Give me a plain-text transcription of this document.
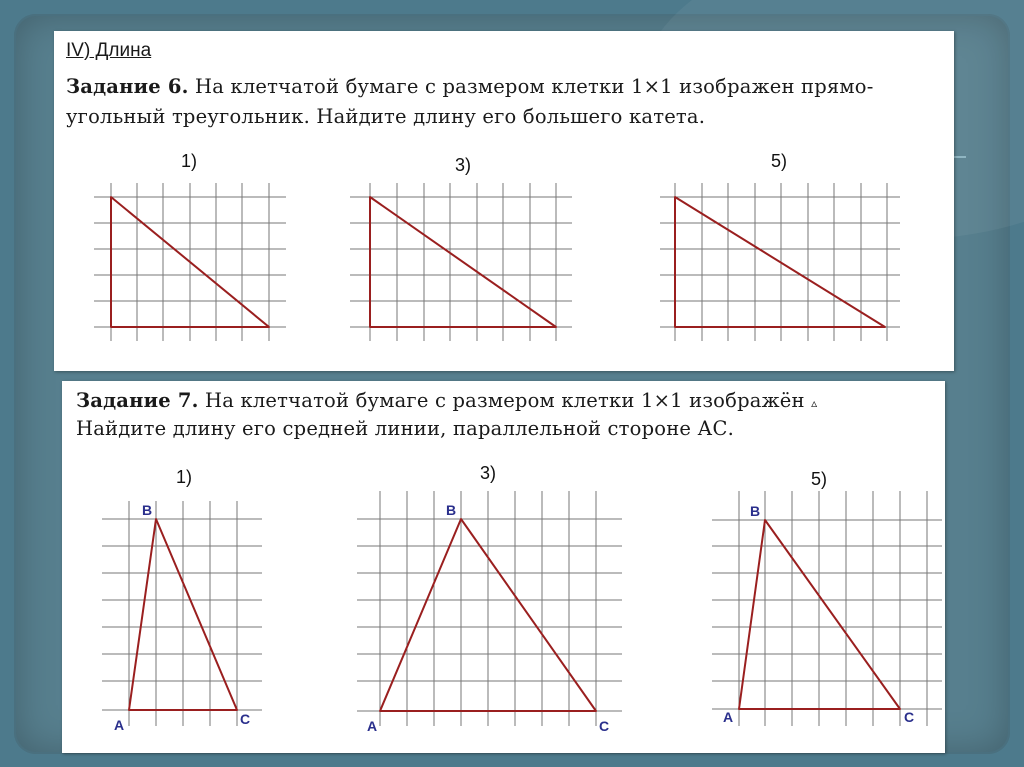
IV) Длина
Задание 6. На клетчатой бумаге с размером клетки 1×1 изображен прямо-
угольный треугольник. Найдите длину его большего катета.
1)	3)	5)
Задание 7. На клетчатой бумаге с размером клетки 1×1 изображён ▵
Найдите длину его средней линии, параллельной стороне АС.
1)
B
A	C
3)
B
A	C
5)
B
A	C
